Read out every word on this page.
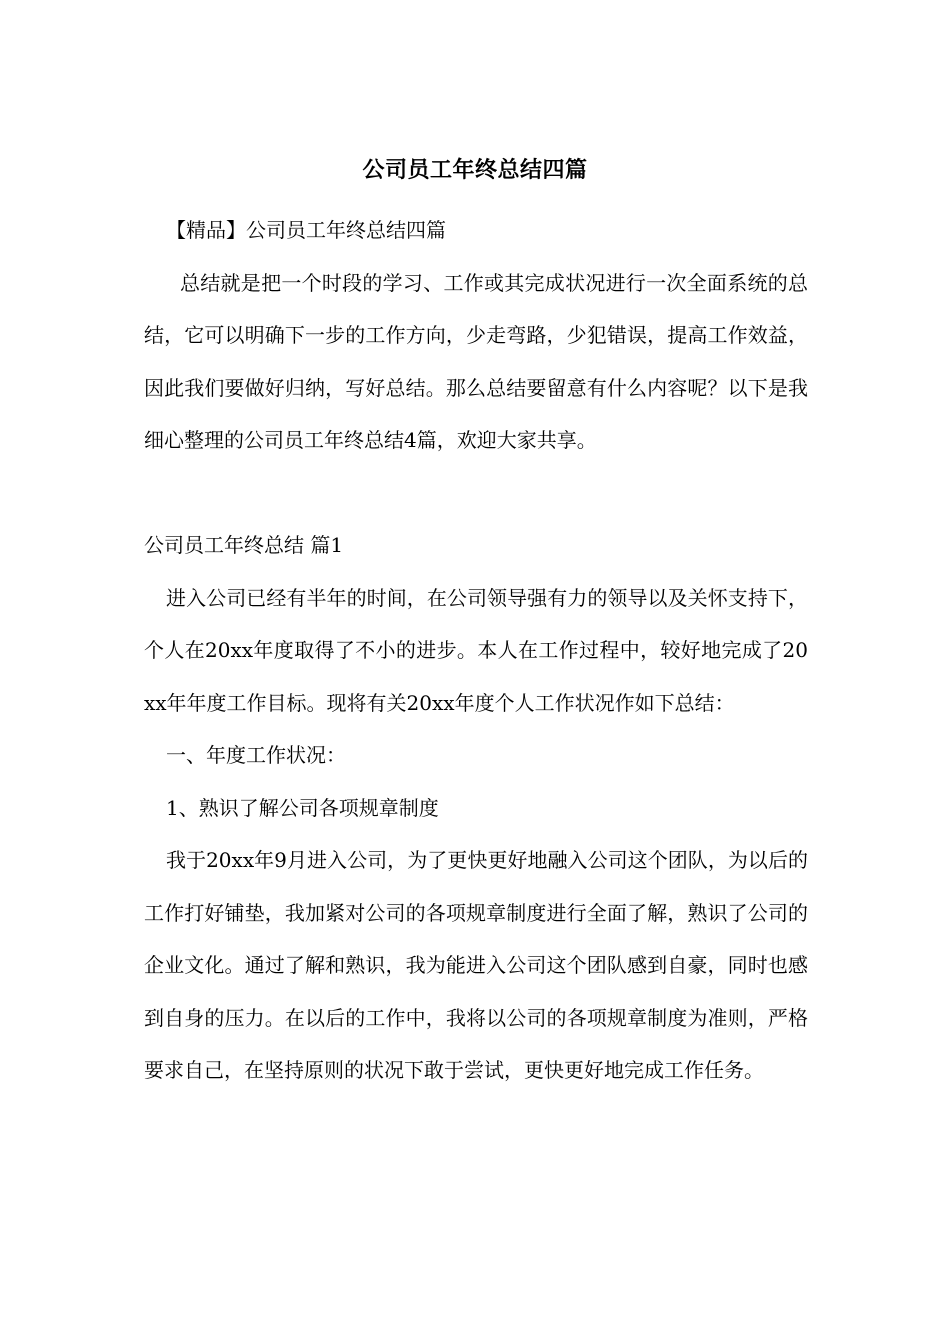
公司员工年终总结四篇

【精品】公司员工年终总结四篇

总结就是把一个时段的学习、工作或其完成状况进行一次全面系统的总结，它可以明确下一步的工作方向，少走弯路，少犯错误，提高工作效益，因此我们要做好归纳，写好总结。那么总结要留意有什么内容呢？以下是我细心整理的公司员工年终总结4篇，欢迎大家共享。

公司员工年终总结 篇1

进入公司已经有半年的时间，在公司领导强有力的领导以及关怀支持下，个人在20xx年度取得了不小的进步。本人在工作过程中，较好地完成了20xx年年度工作目标。现将有关20xx年度个人工作状况作如下总结：

一、年度工作状况：

1、熟识了解公司各项规章制度

我于20xx年9月进入公司，为了更快更好地融入公司这个团队，为以后的工作打好铺垫，我加紧对公司的各项规章制度进行全面了解，熟识了公司的企业文化。通过了解和熟识，我为能进入公司这个团队感到自豪，同时也感到自身的压力。在以后的工作中，我将以公司的各项规章制度为准则，严格要求自己，在坚持原则的状况下敢于尝试，更快更好地完成工作任务。
